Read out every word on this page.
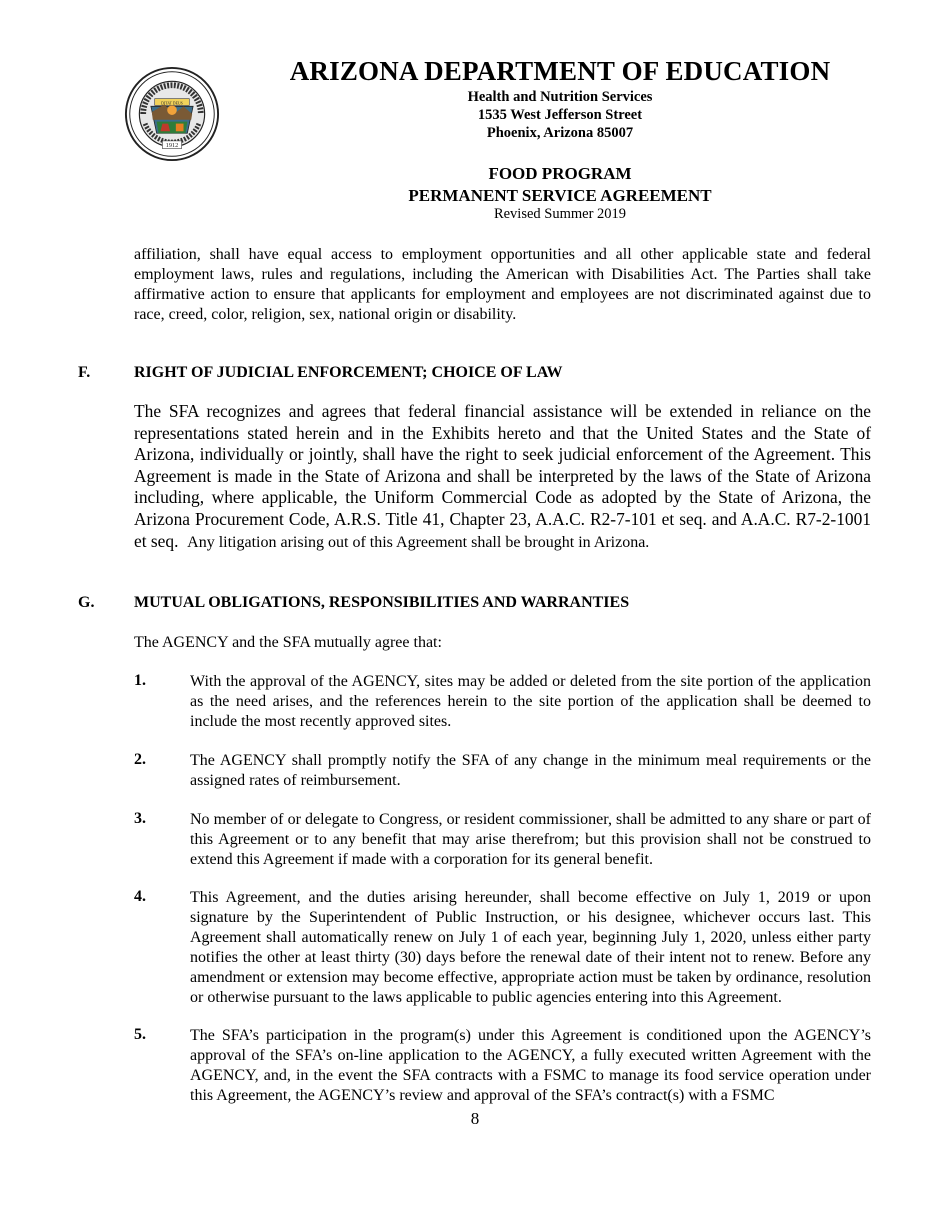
1912
DITAT DEUS
ARIZONA DEPARTMENT OF EDUCATION
Health and Nutrition Services
1535 West Jefferson Street
Phoenix, Arizona 85007
FOOD PROGRAM
PERMANENT SERVICE AGREEMENT
Revised Summer 2019

affiliation, shall have equal access to employment opportunities and all other applicable state and federal employment laws, rules and regulations, including the American with Disabilities Act. The Parties shall take affirmative action to ensure that applicants for employment and employees are not discriminated against due to race, creed, color, religion, sex, national origin or disability.

F.	RIGHT OF JUDICIAL ENFORCEMENT; CHOICE OF LAW

The SFA recognizes and agrees that federal financial assistance will be extended in reliance on the representations stated herein and in the Exhibits hereto and that the United States and the State of Arizona, individually or jointly, shall have the right to seek judicial enforcement of the Agreement. This Agreement is made in the State of Arizona and shall be interpreted by the laws of the State of Arizona including, where applicable, the Uniform Commercial Code as adopted by the State of Arizona, the Arizona Procurement Code, A.R.S. Title 41, Chapter 23, A.A.C. R2-7-101 et seq. and A.A.C. R7-2-1001 et seq. Any litigation arising out of this Agreement shall be brought in Arizona.

G. MUTUAL OBLIGATIONS, RESPONSIBILITIES AND WARRANTIES

The AGENCY and the SFA mutually agree that:

1.	With the approval of the AGENCY, sites may be added or deleted from the site portion of the application as the need arises, and the references herein to the site portion of the application shall be deemed to include the most recently approved sites.
2.	The AGENCY shall promptly notify the SFA of any change in the minimum meal requirements or the assigned rates of reimbursement.
3.	No member of or delegate to Congress, or resident commissioner, shall be admitted to any share or part of this Agreement or to any benefit that may arise therefrom; but this provision shall not be construed to extend this Agreement if made with a corporation for its general benefit.
4.	This Agreement, and the duties arising hereunder, shall become effective on July 1, 2019 or upon signature by the Superintendent of Public Instruction, or his designee, whichever occurs last. This Agreement shall automatically renew on July 1 of each year, beginning July 1, 2020, unless either party notifies the other at least thirty (30) days before the renewal date of their intent not to renew. Before any amendment or extension may become effective, appropriate action must be taken by ordinance, resolution or otherwise pursuant to the laws applicable to public agencies entering into this Agreement.
5.	The SFA’s participation in the program(s) under this Agreement is conditioned upon the AGENCY’s approval of the SFA’s on-line application to the AGENCY, a fully executed written Agreement with the AGENCY, and, in the event the SFA contracts with a FSMC to manage its food service operation under this Agreement, the AGENCY’s review and approval of the SFA’s contract(s) with a FSMC
8
